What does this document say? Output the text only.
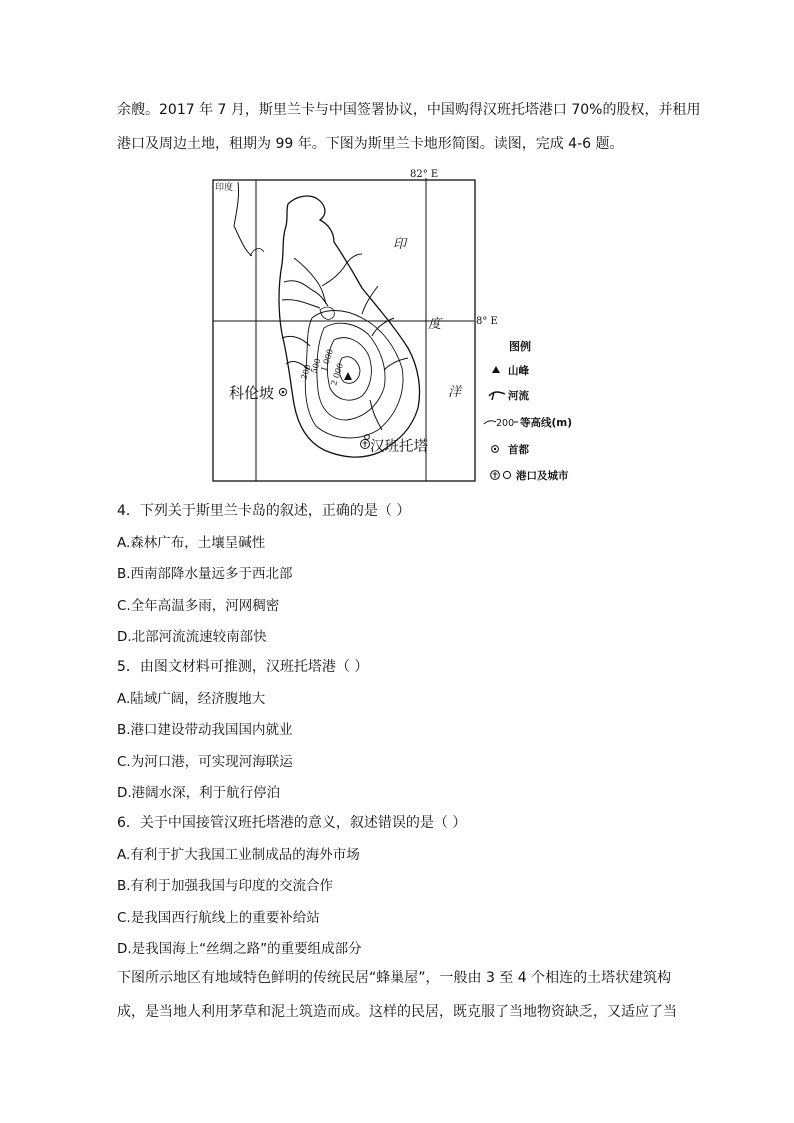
余艘。2017 年 7 月，斯里兰卡与中国签署协议，中国购得汉班托塔港口 70%的股权，并租用
港口及周边土地，租期为 99 年。下图为斯里兰卡地形简图。读图，完成 4-6 题。
82° E
8° E
印度
200
500
1 000
2 000
印
度
洋
科伦坡
汉班托塔
图例
山峰
河流
200 等高线(m)
首都
港口及城市
4．下列关于斯里兰卡岛的叙述，正确的是（ ）
A.森林广布，土壤呈碱性
B.西南部降水量远多于西北部
C.全年高温多雨，河网稠密
D.北部河流流速较南部快
5．由图文材料可推测，汉班托塔港（ ）
A.陆域广阔，经济腹地大
B.港口建设带动我国国内就业
C.为河口港，可实现河海联运
D.港阔水深，利于航行停泊
6．关于中国接管汉班托塔港的意义，叙述错误的是（ ）
A.有利于扩大我国工业制成品的海外市场
B.有利于加强我国与印度的交流合作
C.是我国西行航线上的重要补给站
D.是我国海上“丝绸之路”的重要组成部分
下图所示地区有地域特色鲜明的传统民居“蜂巢屋”，一般由 3 至 4 个相连的土塔状建筑构
成，是当地人利用茅草和泥土筑造而成。这样的民居，既克服了当地物资缺乏，又适应了当
